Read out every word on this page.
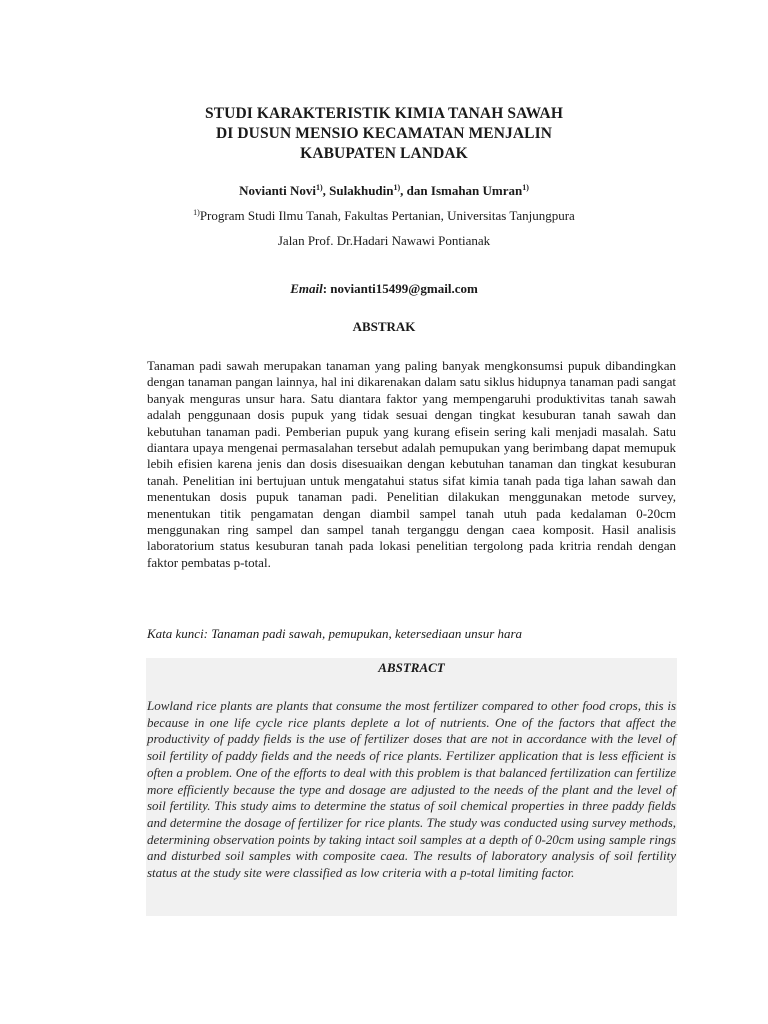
STUDI KARAKTERISTIK KIMIA TANAH SAWAH
DI DUSUN MENSIO KECAMATAN MENJALIN
KABUPATEN LANDAK
Novianti Novi$^{1)}$, Sulakhudin$^{1)}$, dan Ismahan Umran$^{1)}$
$^{1)}$Program Studi Ilmu Tanah, Fakultas Pertanian, Universitas Tanjungpura
Jalan Prof. Dr.Hadari Nawawi Pontianak
Email: novianti15499@gmail.com
ABSTRAK
Tanaman padi sawah merupakan tanaman yang paling banyak mengkonsumsi pupuk dibandingkan dengan tanaman pangan lainnya, hal ini dikarenakan dalam satu siklus hidupnya tanaman padi sangat banyak menguras unsur hara. Satu diantara faktor yang mempengaruhi produktivitas tanah sawah adalah penggunaan dosis pupuk yang tidak sesuai dengan tingkat kesuburan tanah sawah dan kebutuhan tanaman padi. Pemberian pupuk yang kurang efisein sering kali menjadi masalah. Satu diantara upaya mengenai permasalahan tersebut adalah pemupukan yang berimbang dapat memupuk lebih efisien karena jenis dan dosis disesuaikan dengan kebutuhan tanaman dan tingkat kesuburan tanah. Penelitian ini bertujuan untuk mengatahui status sifat kimia tanah pada tiga lahan sawah dan menentukan dosis pupuk tanaman padi. Penelitian dilakukan menggunakan metode survey, menentukan titik pengamatan dengan diambil sampel tanah utuh pada kedalaman 0-20cm menggunakan ring sampel dan sampel tanah terganggu dengan caea komposit. Hasil analisis laboratorium status kesuburan tanah pada lokasi penelitian tergolong pada kritria rendah dengan faktor pembatas p-total.
Kata kunci: Tanaman padi sawah, pemupukan, ketersediaan unsur hara
ABSTRACT
Lowland rice plants are plants that consume the most fertilizer compared to other food crops, this is because in one life cycle rice plants deplete a lot of nutrients. One of the factors that affect the productivity of paddy fields is the use of fertilizer doses that are not in accordance with the level of soil fertility of paddy fields and the needs of rice plants. Fertilizer application that is less efficient is often a problem. One of the efforts to deal with this problem is that balanced fertilization can fertilize more efficiently because the type and dosage are adjusted to the needs of the plant and the level of soil fertility. This study aims to determine the status of soil chemical properties in three paddy fields and determine the dosage of fertilizer for rice plants. The study was conducted using survey methods, determining observation points by taking intact soil samples at a depth of 0-20cm using sample rings and disturbed soil samples with composite caea. The results of laboratory analysis of soil fertility status at the study site were classified as low criteria with a p-total limiting factor.
